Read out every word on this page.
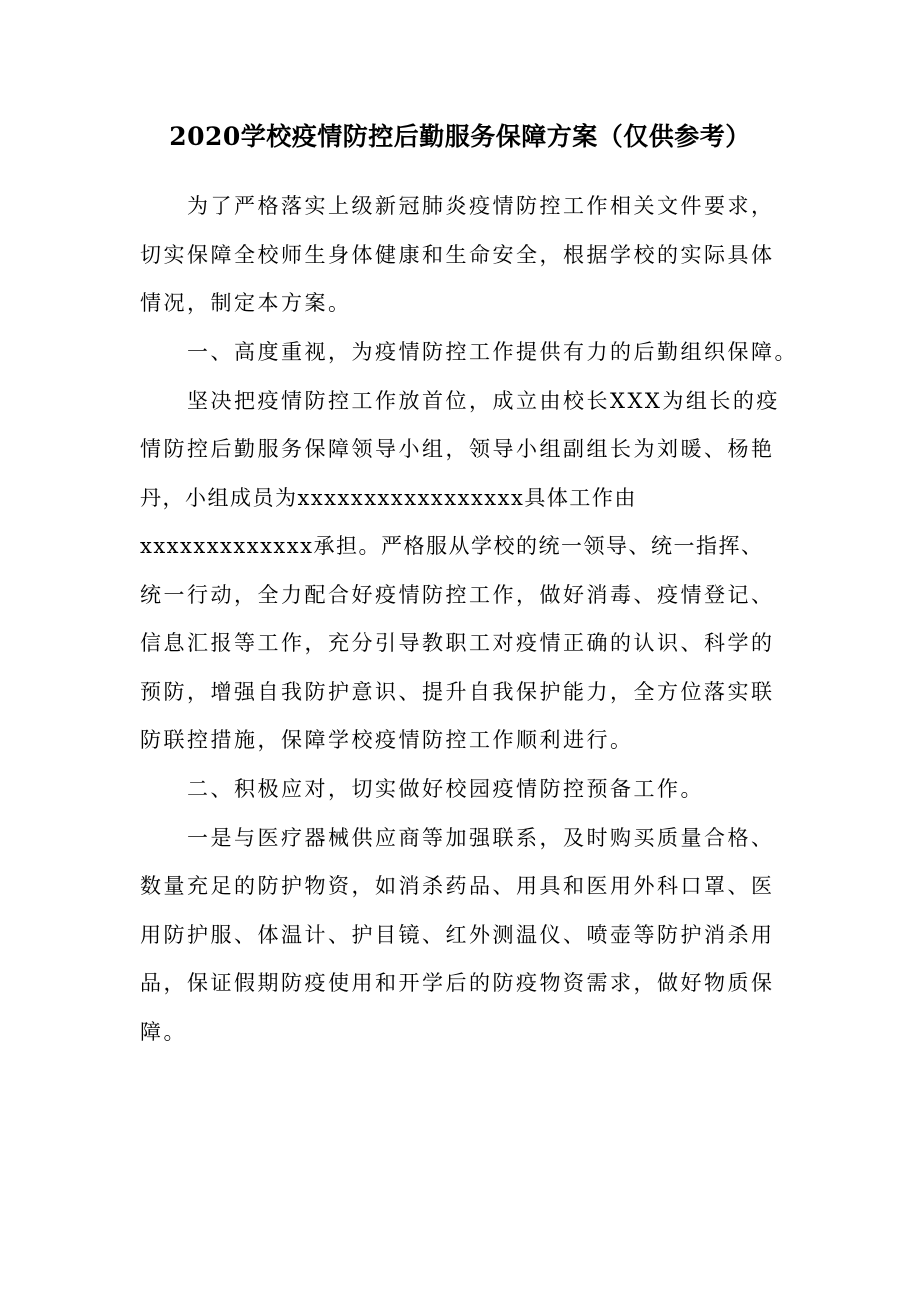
2020学校疫情防控后勤服务保障方案（仅供参考）
为了严格落实上级新冠肺炎疫情防控工作相关文件要求，
切实保障全校师生身体健康和生命安全，根据学校的实际具体
情况，制定本方案。
一、高度重视，为疫情防控工作提供有力的后勤组织保障。
坚决把疫情防控工作放首位，成立由校长XXX为组长的疫
情防控后勤服务保障领导小组，领导小组副组长为刘暖、杨艳
丹，小组成员为xxxxxxxxxxxxxxxxx具体工作由
xxxxxxxxxxxxx承担。严格服从学校的统一领导、统一指挥、
统一行动，全力配合好疫情防控工作，做好消毒、疫情登记、
信息汇报等工作，充分引导教职工对疫情正确的认识、科学的
预防，增强自我防护意识、提升自我保护能力，全方位落实联
防联控措施，保障学校疫情防控工作顺利进行。
二、积极应对，切实做好校园疫情防控预备工作。
一是与医疗器械供应商等加强联系，及时购买质量合格、
数量充足的防护物资，如消杀药品、用具和医用外科口罩、医
用防护服、体温计、护目镜、红外测温仪、喷壶等防护消杀用
品，保证假期防疫使用和开学后的防疫物资需求，做好物质保
障。
